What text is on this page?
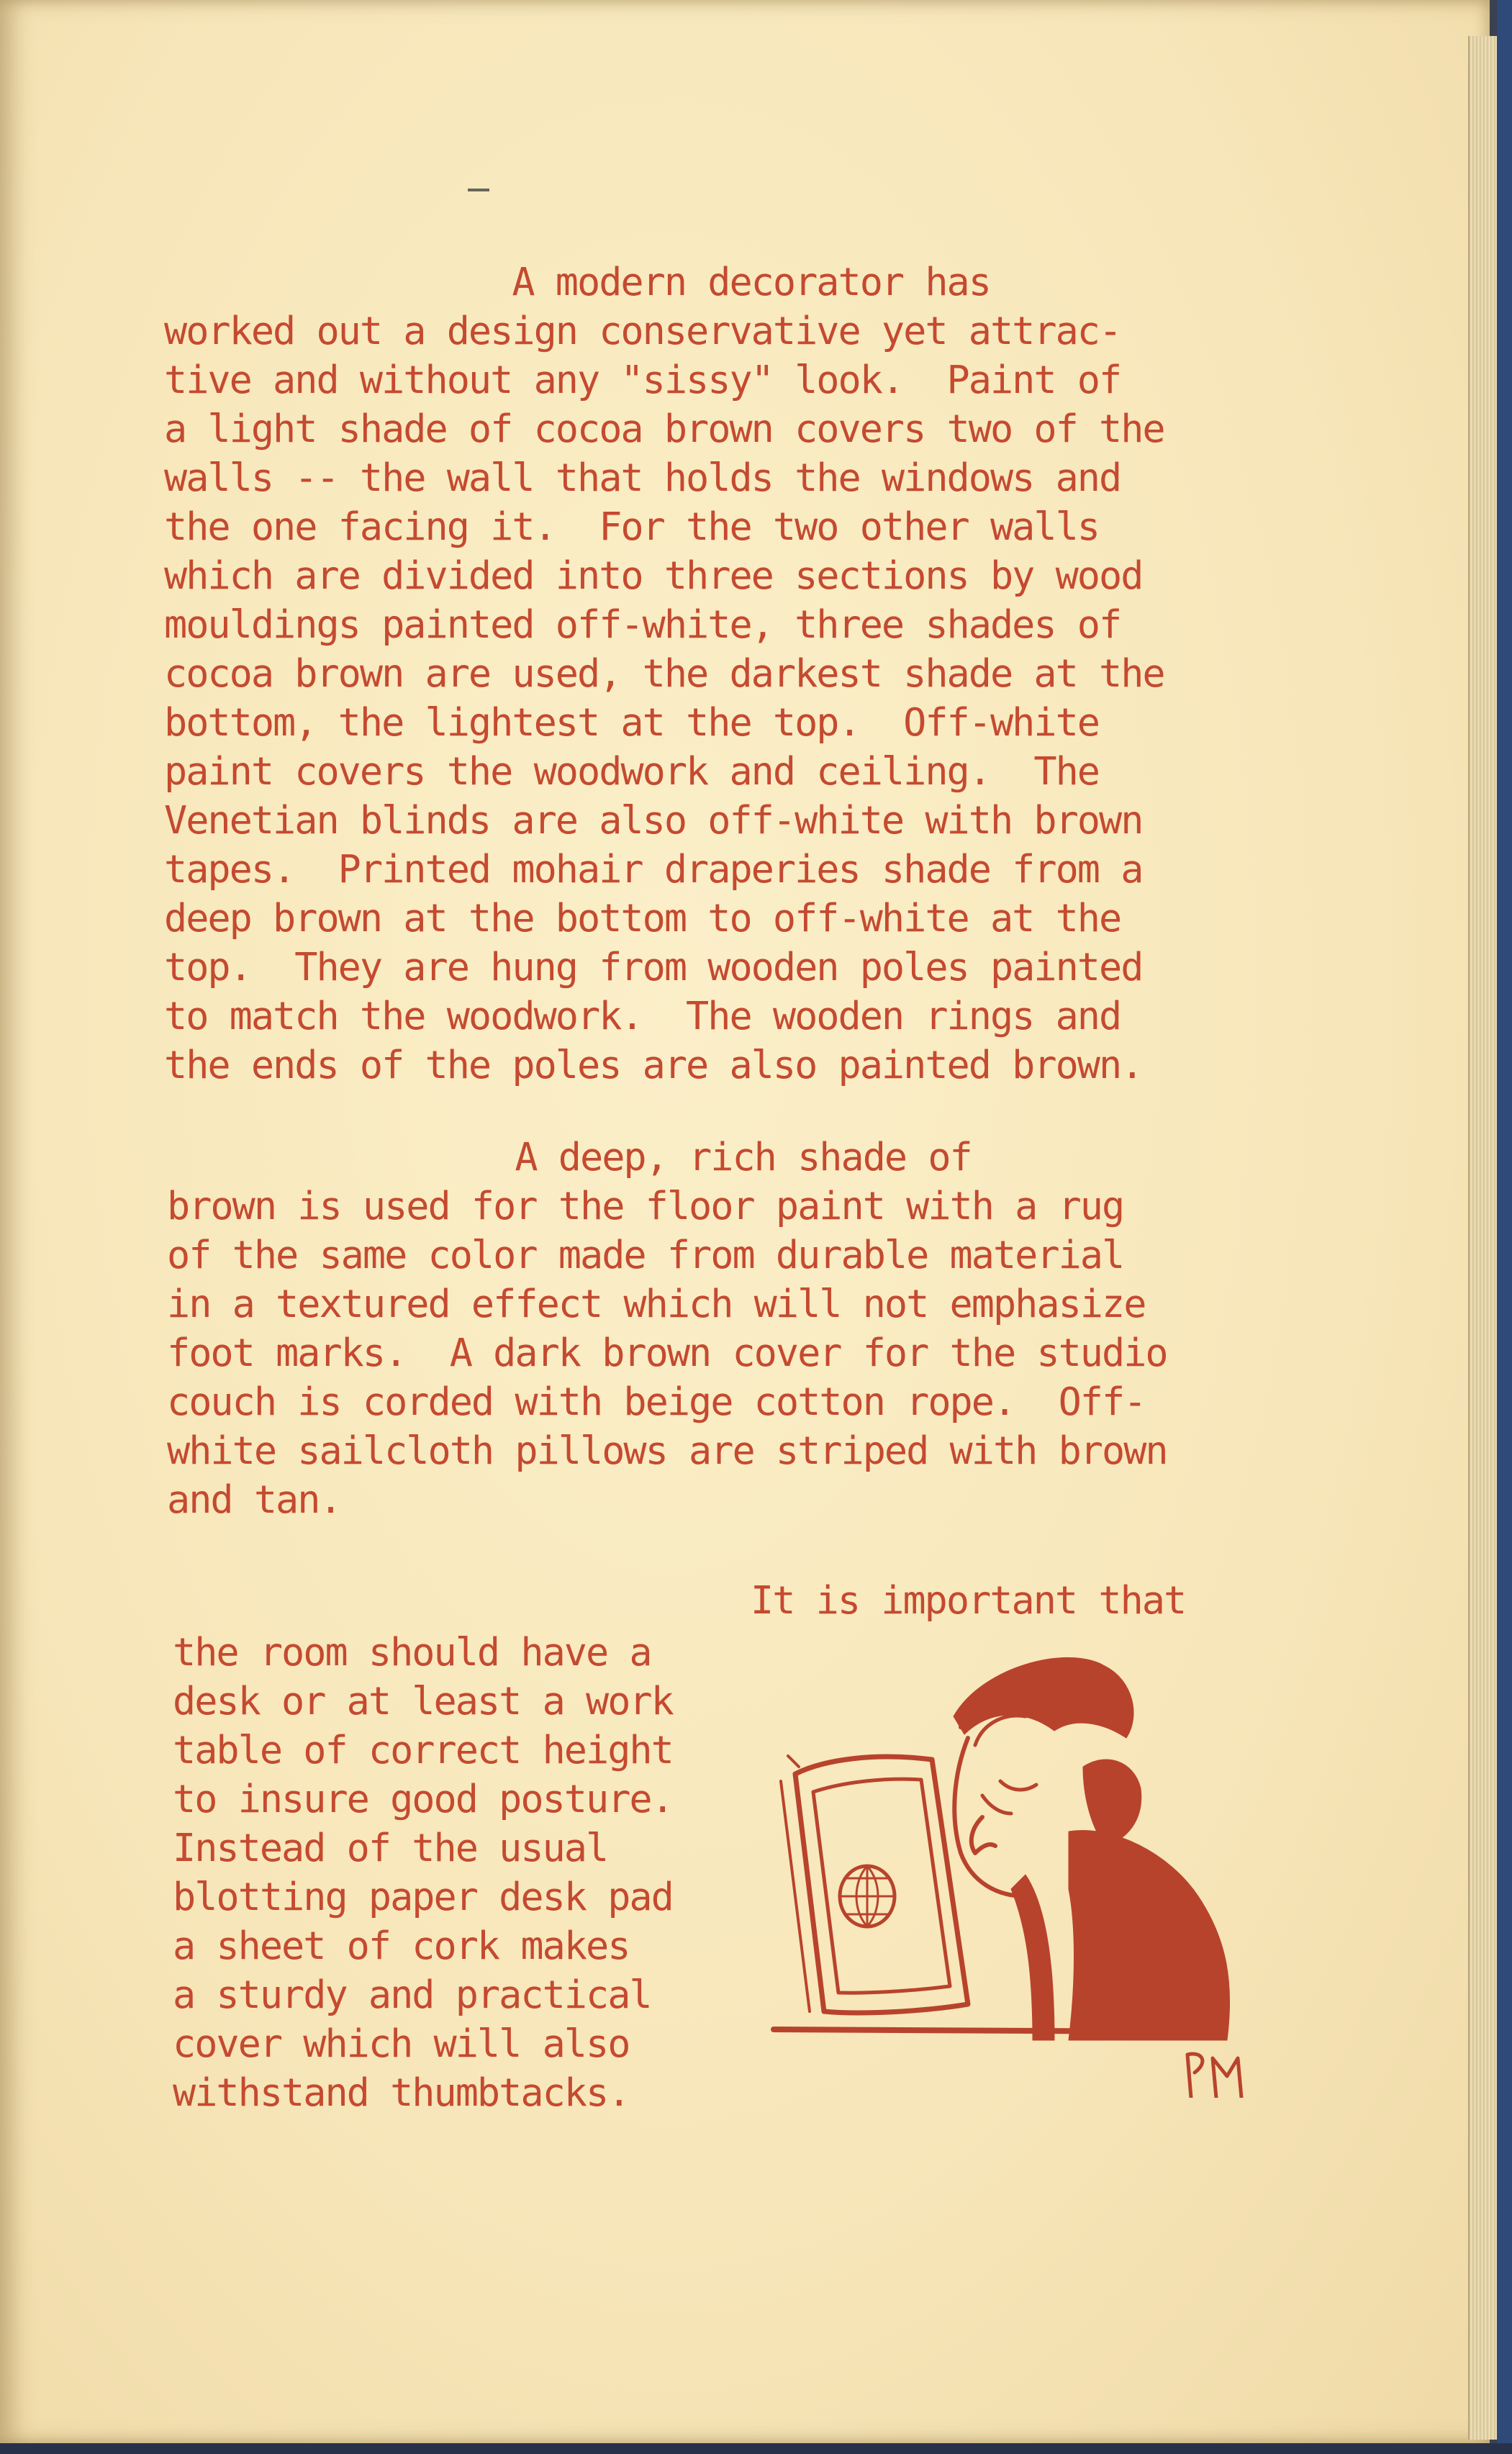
A modern decorator has
worked out a design conservative yet attrac-
tive and without any "sissy" look.  Paint of
a light shade of cocoa brown covers two of the
walls -- the wall that holds the windows and
the one facing it.  For the two other walls
which are divided into three sections by wood
mouldings painted off-white, three shades of
cocoa brown are used, the darkest shade at the
bottom, the lightest at the top.  Off-white
paint covers the woodwork and ceiling.  The
Venetian blinds are also off-white with brown
tapes.  Printed mohair draperies shade from a
deep brown at the bottom to off-white at the
top.  They are hung from wooden poles painted
to match the woodwork.  The wooden rings and
the ends of the poles are also painted brown.
A deep, rich shade of
brown is used for the floor paint with a rug
of the same color made from durable material
in a textured effect which will not emphasize
foot marks.  A dark brown cover for the studio
couch is corded with beige cotton rope.  Off-
white sailcloth pillows are striped with brown
and tan.
It is important that
the room should have a
desk or at least a work
table of correct height
to insure good posture.
Instead of the usual
blotting paper desk pad
a sheet of cork makes
a sturdy and practical
cover which will also
withstand thumbtacks.
